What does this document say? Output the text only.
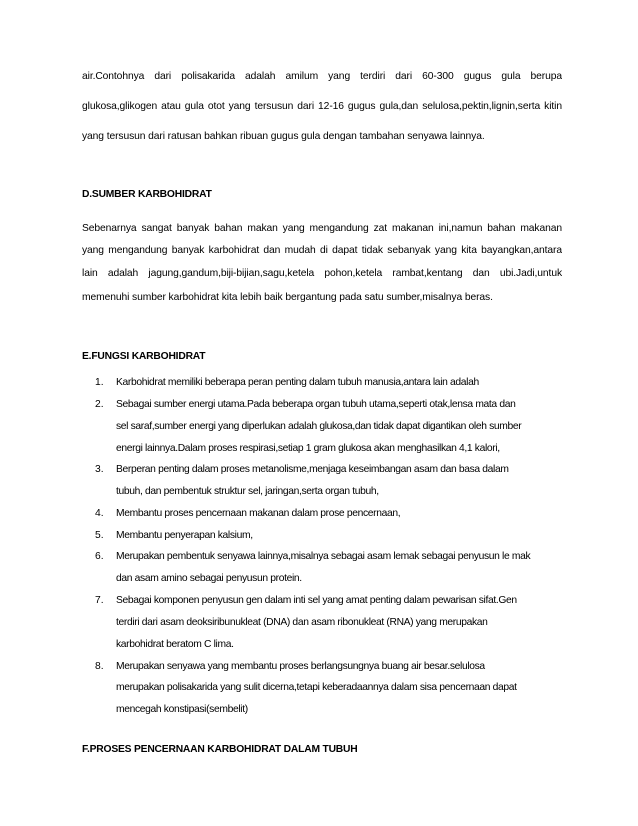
air.Contohnya dari polisakarida adalah amilum yang terdiri dari 60-300 gugus gula berupa

glukosa,glikogen atau gula otot yang tersusun dari 12-16 gugus gula,dan selulosa,pektin,lignin,serta kitin

yang tersusun dari ratusan bahkan ribuan gugus gula dengan tambahan senyawa lainnya.

D.SUMBER KARBOHIDRAT

Sebenarnya sangat banyak bahan makan yang mengandung zat makanan ini,namun bahan makanan

yang mengandung banyak karbohidrat dan mudah di dapat tidak sebanyak yang kita bayangkan,antara

lain adalah jagung,gandum,biji-bijian,sagu,ketela pohon,ketela rambat,kentang dan ubi.Jadi,untuk

memenuhi sumber karbohidrat kita lebih baik bergantung pada satu sumber,misalnya beras.

E.FUNGSI KARBOHIDRAT
1.	Karbohidrat memiliki beberapa peran penting dalam tubuh manusia,antara lain adalah
2.	Sebagai sumber energi utama.Pada beberapa organ tubuh utama,seperti otak,lensa mata dan
sel saraf,sumber energi yang diperlukan adalah glukosa,dan tidak dapat digantikan oleh sumber
energi lainnya.Dalam proses respirasi,setiap 1 gram glukosa akan menghasilkan 4,1 kalori,
3.	Berperan penting dalam proses metanolisme,menjaga keseimbangan asam dan basa dalam
tubuh, dan pembentuk struktur sel, jaringan,serta organ tubuh,
4.	Membantu proses pencernaan makanan dalam prose pencernaan,
5.	Membantu penyerapan kalsium,
6.	Merupakan pembentuk senyawa lainnya,misalnya sebagai asam lemak sebagai penyusun le mak
dan asam amino sebagai penyusun protein.
7.	Sebagai komponen penyusun gen dalam inti sel yang amat penting dalam pewarisan sifat.Gen
terdiri dari asam deoksiribunukleat (DNA) dan asam ribonukleat (RNA) yang merupakan
karbohidrat beratom C lima.
8.	Merupakan senyawa yang membantu proses berlangsungnya buang air besar.selulosa
merupakan polisakarida yang sulit dicerna,tetapi keberadaannya dalam sisa pencernaan dapat
mencegah konstipasi(sembelit)
F.PROSES PENCERNAAN KARBOHIDRAT DALAM TUBUH
